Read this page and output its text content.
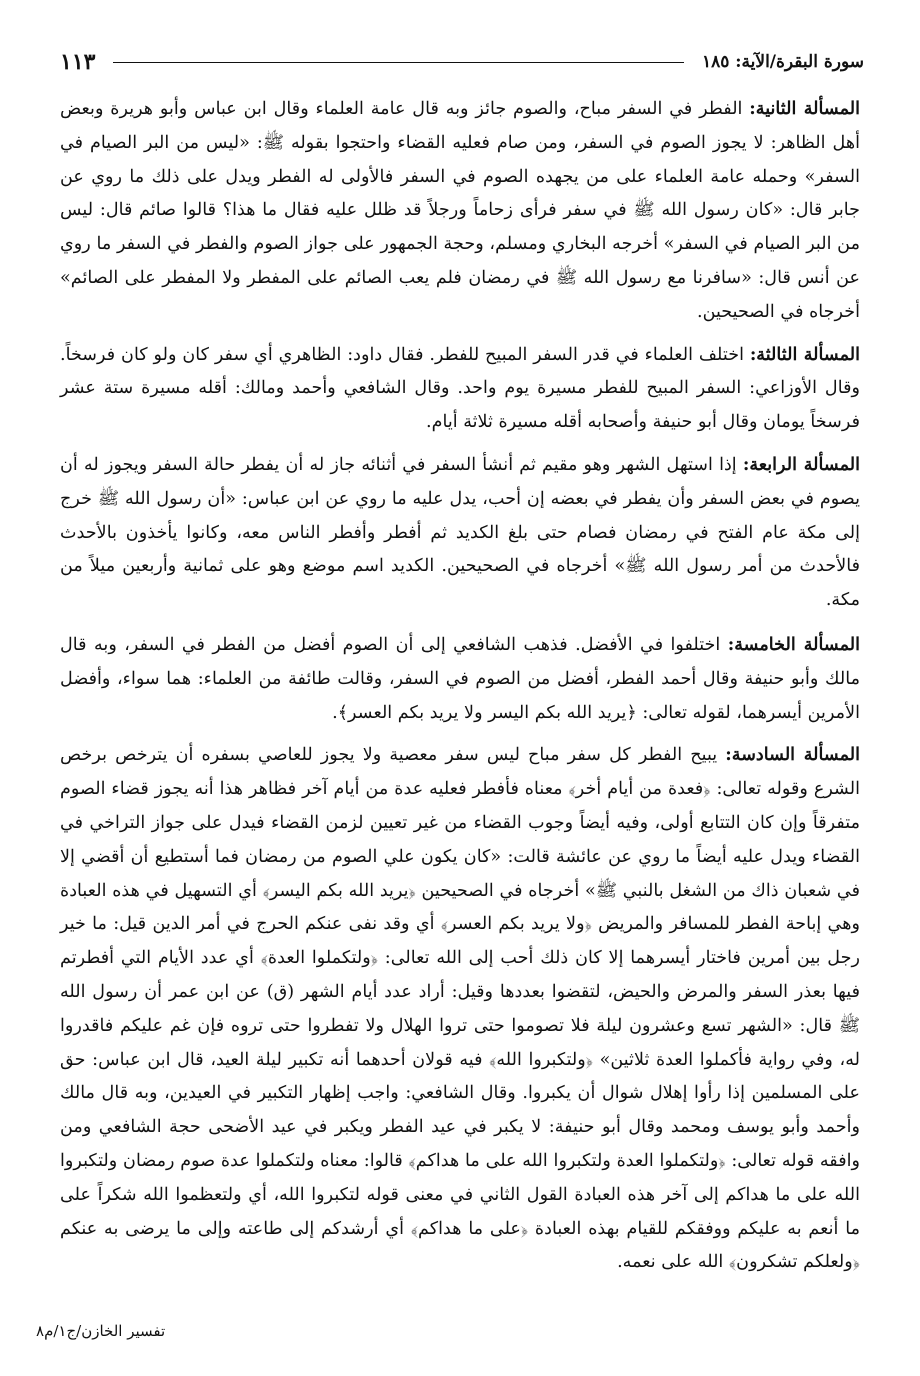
سورة البقرة/الآية: ١٨٥
١١٣

المسألة الثانية: الفطر في السفر مباح، والصوم جائز وبه قال عامة العلماء وقال ابن عباس وأبو هريرة وبعض أهل الظاهر: لا يجوز الصوم في السفر، ومن صام فعليه القضاء واحتجوا بقوله ﷺ: «ليس من البر الصيام في السفر» وحمله عامة العلماء على من يجهده الصوم في السفر فالأولى له الفطر ويدل على ذلك ما روي عن جابر قال: «كان رسول الله ﷺ في سفر فرأى زحاماً ورجلاً قد ظلل عليه فقال ما هذا؟ قالوا صائم قال: ليس من البر الصيام في السفر» أخرجه البخاري ومسلم، وحجة الجمهور على جواز الصوم والفطر في السفر ما روي عن أنس قال: «سافرنا مع رسول الله ﷺ في رمضان فلم يعب الصائم على المفطر ولا المفطر على الصائم» أخرجاه في الصحيحين.

المسألة الثالثة: اختلف العلماء في قدر السفر المبيح للفطر. فقال داود: الظاهري أي سفر كان ولو كان فرسخاً. وقال الأوزاعي: السفر المبيح للفطر مسيرة يوم واحد. وقال الشافعي وأحمد ومالك: أقله مسيرة ستة عشر فرسخاً يومان وقال أبو حنيفة وأصحابه أقله مسيرة ثلاثة أيام.

المسألة الرابعة: إذا استهل الشهر وهو مقيم ثم أنشأ السفر في أثنائه جاز له أن يفطر حالة السفر ويجوز له أن يصوم في بعض السفر وأن يفطر في بعضه إن أحب، يدل عليه ما روي عن ابن عباس: «أن رسول الله ﷺ خرج إلى مكة عام الفتح في رمضان فصام حتى بلغ الكديد ثم أفطر وأفطر الناس معه، وكانوا يأخذون بالأحدث فالأحدث من أمر رسول الله ﷺ» أخرجاه في الصحيحين. الكديد اسم موضع وهو على ثمانية وأربعين ميلاً من مكة.

المسألة الخامسة: اختلفوا في الأفضل. فذهب الشافعي إلى أن الصوم أفضل من الفطر في السفر، وبه قال مالك وأبو حنيفة وقال أحمد الفطر، أفضل من الصوم في السفر، وقالت طائفة من العلماء: هما سواء، وأفضل الأمرين أيسرهما، لقوله تعالى: ﴿يريد الله بكم اليسر ولا يريد بكم العسر﴾.

المسألة السادسة: يبيح الفطر كل سفر مباح ليس سفر معصية ولا يجوز للعاصي بسفره أن يترخص برخص الشرع وقوله تعالى: ﴿فعدة من أيام أخر﴾ معناه فأفطر فعليه عدة من أيام آخر فظاهر هذا أنه يجوز قضاء الصوم متفرقاً وإن كان التتابع أولى، وفيه أيضاً وجوب القضاء من غير تعيين لزمن القضاء فيدل على جواز التراخي في القضاء ويدل عليه أيضاً ما روي عن عائشة قالت: «كان يكون علي الصوم من رمضان فما أستطيع أن أقضي إلا في شعبان ذاك من الشغل بالنبي ﷺ» أخرجاه في الصحيحين ﴿يريد الله بكم اليسر﴾ أي التسهيل في هذه العبادة وهي إباحة الفطر للمسافر والمريض ﴿ولا يريد بكم العسر﴾ أي وقد نفى عنكم الحرج في أمر الدين قيل: ما خير رجل بين أمرين فاختار أيسرهما إلا كان ذلك أحب إلى الله تعالى: ﴿ولتكملوا العدة﴾ أي عدد الأيام التي أفطرتم فيها بعذر السفر والمرض والحيض، لتقضوا بعددها وقيل: أراد عدد أيام الشهر (ق) عن ابن عمر أن رسول الله ﷺ قال: «الشهر تسع وعشرون ليلة فلا تصوموا حتى تروا الهلال ولا تفطروا حتى تروه فإن غم عليكم فاقدروا له، وفي رواية فأكملوا العدة ثلاثين» ﴿ولتكبروا الله﴾ فيه قولان أحدهما أنه تكبير ليلة العيد، قال ابن عباس: حق على المسلمين إذا رأوا إهلال شوال أن يكبروا. وقال الشافعي: واجب إظهار التكبير في العيدين، وبه قال مالك وأحمد وأبو يوسف ومحمد وقال أبو حنيفة: لا يكبر في عيد الفطر ويكبر في عيد الأضحى حجة الشافعي ومن وافقه قوله تعالى: ﴿ولتكملوا العدة ولتكبروا الله على ما هداكم﴾ قالوا: معناه ولتكملوا عدة صوم رمضان ولتكبروا الله على ما هداكم إلى آخر هذه العبادة القول الثاني في معنى قوله لتكبروا الله، أي ولتعظموا الله شكراً على ما أنعم به عليكم ووفقكم للقيام بهذه العبادة ﴿على ما هداكم﴾ أي أرشدكم إلى طاعته وإلى ما يرضى به عنكم ﴿ولعلكم تشكرون﴾ الله على نعمه.

تفسير الخازن/ج١/م٨
